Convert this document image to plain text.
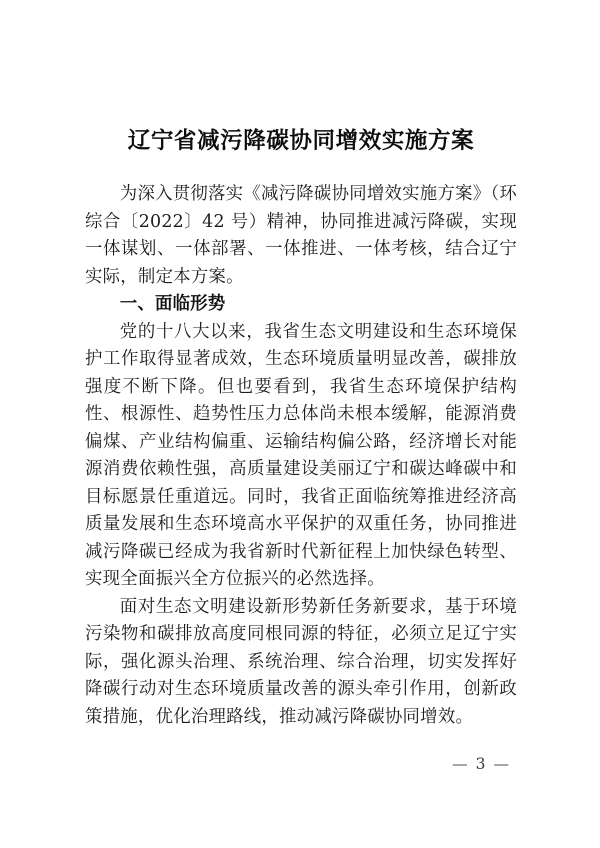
辽宁省减污降碳协同增效实施方案

为深入贯彻落实《减污降碳协同增效实施方案》（环综合〔2022〕42 号）精神，协同推进减污降碳，实现一体谋划、一体部署、一体推进、一体考核，结合辽宁实际，制定本方案。

一、面临形势

党的十八大以来，我省生态文明建设和生态环境保护工作取得显著成效，生态环境质量明显改善，碳排放强度不断下降。但也要看到，我省生态环境保护结构性、根源性、趋势性压力总体尚未根本缓解，能源消费偏煤、产业结构偏重、运输结构偏公路，经济增长对能源消费依赖性强，高质量建设美丽辽宁和碳达峰碳中和目标愿景任重道远。同时，我省正面临统筹推进经济高质量发展和生态环境高水平保护的双重任务，协同推进减污降碳已经成为我省新时代新征程上加快绿色转型、实现全面振兴全方位振兴的必然选择。

面对生态文明建设新形势新任务新要求，基于环境污染物和碳排放高度同根同源的特征，必须立足辽宁实际，强化源头治理、系统治理、综合治理，切实发挥好降碳行动对生态环境质量改善的源头牵引作用，创新政策措施，优化治理路线，推动减污降碳协同增效。

— 3 —
